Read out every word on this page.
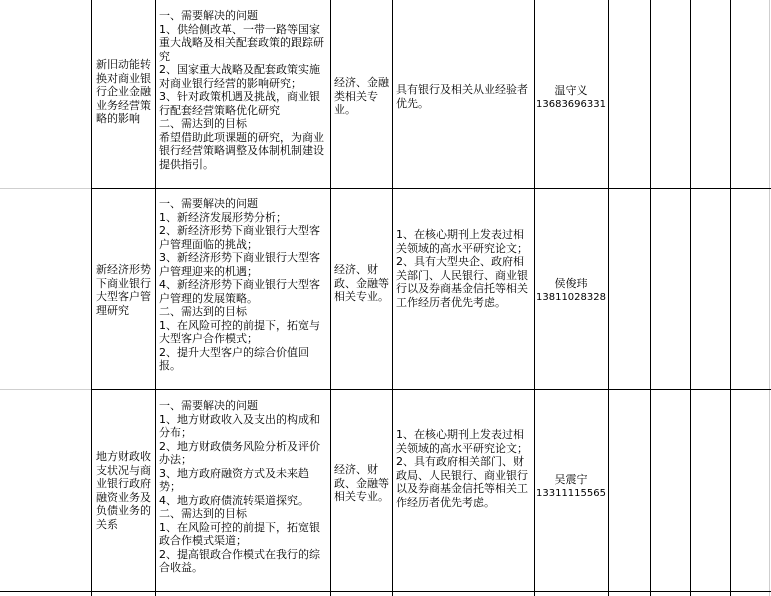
新旧动能转换对商业银行企业金融业务经营策略的影响
一、需要解决的问题
1、供给侧改革、一带一路等国家重大战略及相关配套政策的跟踪研究
2、国家重大战略及配套政策实施对商业银行经营的影响研究；
3、针对政策机遇及挑战，商业银行配套经营策略优化研究
二、需达到的目标
希望借助此项课题的研究，为商业银行经营策略调整及体制机制建设提供指引。
经济、金融类相关专业。
具有银行及相关从业经验者优先。
温守义
13683696331
新经济形势下商业银行大型客户管理研究
一、需要解决的问题
1、新经济发展形势分析；
2、新经济形势下商业银行大型客户管理面临的挑战；
3、新经济形势下商业银行大型客户管理迎来的机遇；
4、新经济形势下商业银行大型客户管理的发展策略。
二、需达到的目标
1、在风险可控的前提下，拓宽与大型客户合作模式；
2、提升大型客户的综合价值回报。
经济、财政、金融等相关专业。
1、在核心期刊上发表过相关领域的高水平研究论文；
2、具有大型央企、政府相关部门、人民银行、商业银行以及券商基金信托等相关工作经历者优先考虑。
侯俊玮
13811028328
地方财政收支状况与商业银行政府融资业务及负债业务的关系
一、需要解决的问题
1、地方财政收入及支出的构成和分布；
2、地方财政债务风险分析及评价办法；
3、地方政府融资方式及未来趋势；
4、地方政府债流转渠道探究。
二、需达到的目标
1、在风险可控的前提下，拓宽银政合作模式渠道；
2、提高银政合作模式在我行的综合收益。
经济、财政、金融等相关专业。
1、在核心期刊上发表过相关领域的高水平研究论文；
2、具有政府相关部门、财政局、人民银行、商业银行以及券商基金信托等相关工作经历者优先考虑。
吴震宁
13311115565
